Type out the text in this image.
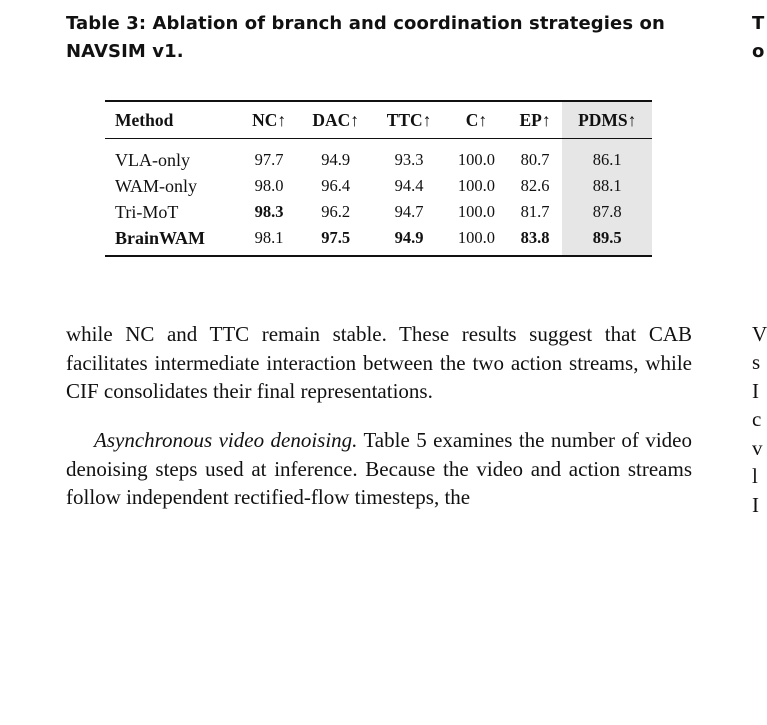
Table 3: Ablation of branch and coordination strategies on NAVSIM v1.
T
o
V
s
I
c
v
l
I
Method	NC↑	DAC↑	TTC↑	C↑	EP↑	PDMS↑
VLA-only	97.7	94.9	93.3	100.0	80.7	86.1
WAM-only	98.0	96.4	94.4	100.0	82.6	88.1
Tri-MoT	98.3	96.2	94.7	100.0	81.7	87.8
BrainWAM	98.1	97.5	94.9	100.0	83.8	89.5
while NC and TTC remain stable. These results suggest that CAB facilitates intermediate interaction between the two action streams, while CIF consolidates their final representations.
Asynchronous video denoising. Table 5 examines the number of video denoising steps used at inference. Because the video and action streams follow independent rectified-flow timesteps, the
